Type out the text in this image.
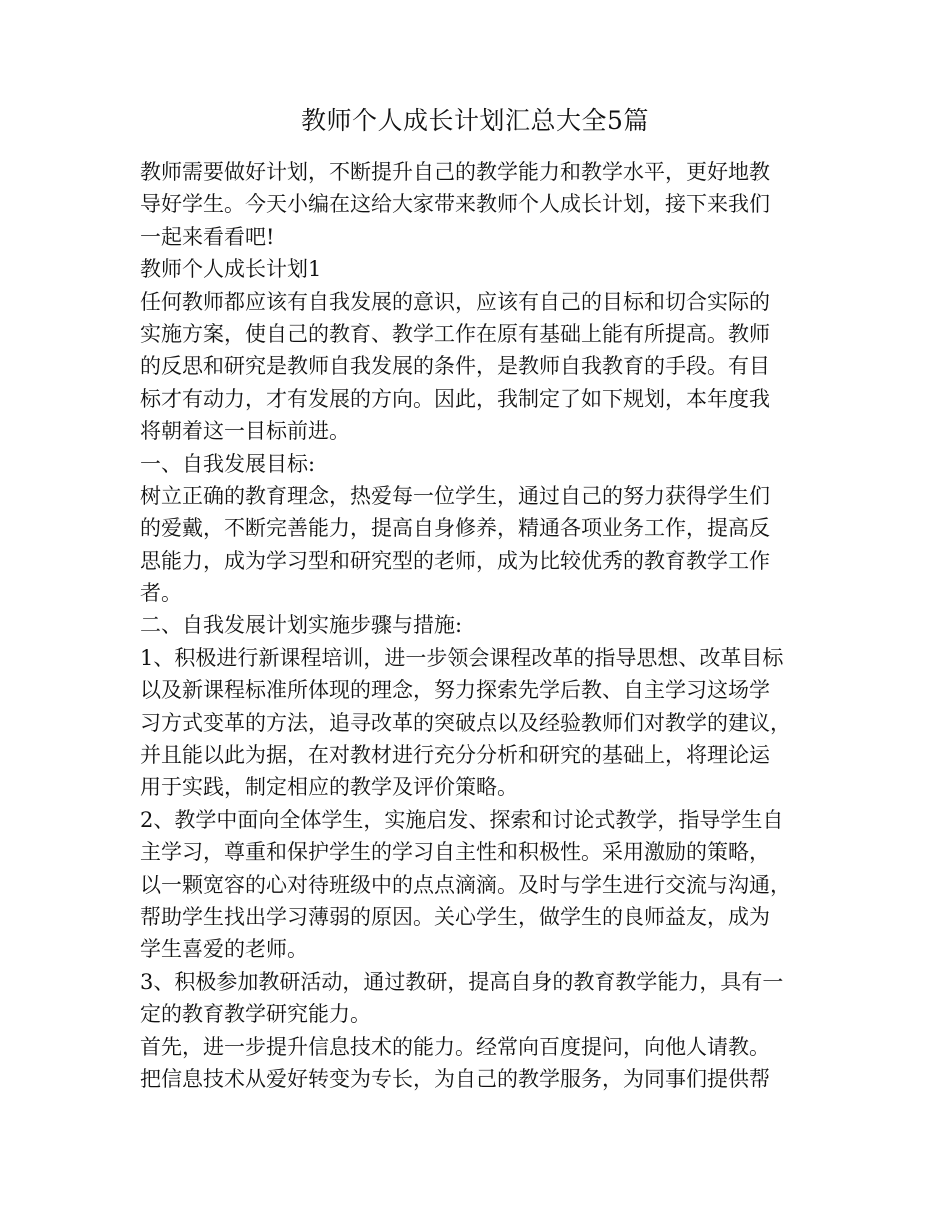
教师个人成长计划汇总大全5篇
教师需要做好计划，不断提升自己的教学能力和教学水平，更好地教
导好学生。今天小编在这给大家带来教师个人成长计划，接下来我们
一起来看看吧!
教师个人成长计划1
任何教师都应该有自我发展的意识，应该有自己的目标和切合实际的
实施方案，使自己的教育、教学工作在原有基础上能有所提高。教师
的反思和研究是教师自我发展的条件，是教师自我教育的手段。有目
标才有动力，才有发展的方向。因此，我制定了如下规划，本年度我
将朝着这一目标前进。
一、自我发展目标:
树立正确的教育理念，热爱每一位学生，通过自己的努力获得学生们
的爱戴，不断完善能力，提高自身修养，精通各项业务工作，提高反
思能力，成为学习型和研究型的老师，成为比较优秀的教育教学工作
者。
二、自我发展计划实施步骤与措施:
1、积极进行新课程培训，进一步领会课程改革的指导思想、改革目标
以及新课程标准所体现的理念，努力探索先学后教、自主学习这场学
习方式变革的方法，追寻改革的突破点以及经验教师们对教学的建议，
并且能以此为据，在对教材进行充分分析和研究的基础上，将理论运
用于实践，制定相应的教学及评价策略。
2、教学中面向全体学生，实施启发、探索和讨论式教学，指导学生自
主学习，尊重和保护学生的学习自主性和积极性。采用激励的策略，
以一颗宽容的心对待班级中的点点滴滴。及时与学生进行交流与沟通，
帮助学生找出学习薄弱的原因。关心学生，做学生的良师益友，成为
学生喜爱的老师。
3、积极参加教研活动，通过教研，提高自身的教育教学能力，具有一
定的教育教学研究能力。
首先，进一步提升信息技术的能力。经常向百度提问，向他人请教。
把信息技术从爱好转变为专长，为自己的教学服务，为同事们提供帮
